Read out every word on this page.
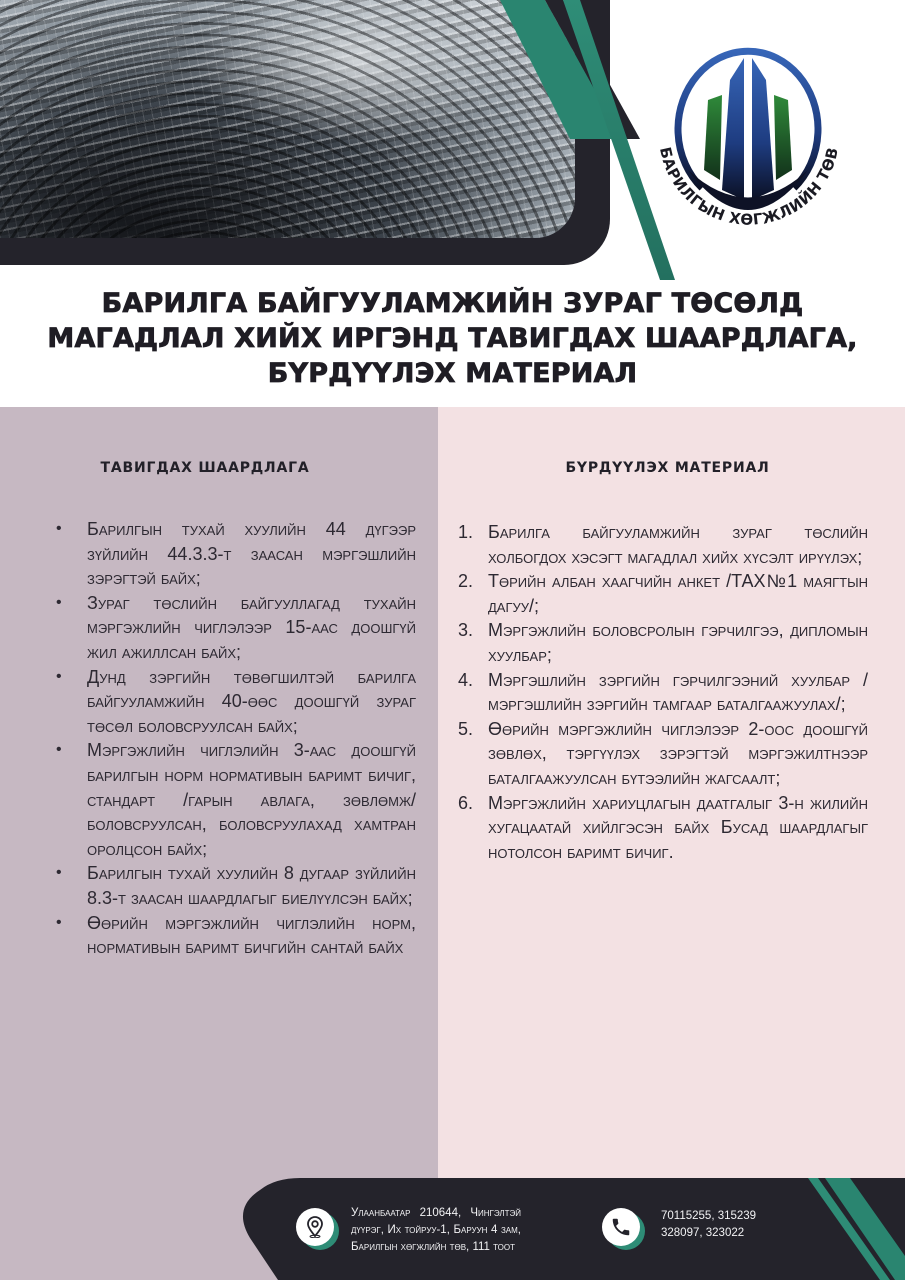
БАРИЛГЫН ХӨГЖЛИЙН ТӨВ
БАРИЛГА БАЙГУУЛАМЖИЙН ЗУРАГ ТӨСӨЛД
МАГАДЛАЛ ХИЙХ ИРГЭНД ТАВИГДАХ ШААРДЛАГА,
БҮРДҮҮЛЭХ МАТЕРИАЛ
ТАВИГДАХ ШААРДЛАГА
• Барилгын тухай хуулийн 44 дүгээр зүйлийн 44.3.3-т заасан мэргэшлийн зэрэгтэй байх;
• Зураг төслийн байгууллагад тухайн мэргэжлийн чиглэлээр 15-аас доошгүй жил ажиллсан байх;
• Дунд зэргийн төвөгшилтэй барилга байгууламжийн 40-өөс доошгүй зураг төсөл боловсруулсан байх;
• Мэргэжлийн чиглэлийн 3-аас доошгүй барилгын норм нормативын баримт бичиг, стандарт /гарын авлага, зөвлөмж/ боловсруулсан, боловсруулахад хамтран оролцсон байх;
• Барилгын тухай хуулийн 8 дугаар зүйлийн 8.3-т заасан шаардлагыг биелүүлсэн байх;
• Өөрийн мэргэжлийн чиглэлийн норм, нормативын баримт бичгийн сантай байх
БҮРДҮҮЛЭХ МАТЕРИАЛ
1. Барилга байгууламжийн зураг төслийн холбогдох хэсэгт магадлал хийх хүсэлт ирүүлэх;
2. Төрийн албан хаагчийн анкет /ТАХ№1 маягтын дагуу/;
3. Мэргэжлийн боловсролын гэрчилгээ, дипломын хуулбар;
4. Мэргэшлийн зэргийн гэрчилгээний хуулбар /мэргэшлийн зэргийн тамгаар баталгаажуулах/;
5. Өөрийн мэргэжлийн чиглэлээр 2-оос доошгүй зөвлөх, тэргүүлэх зэрэгтэй мэргэжилтнээр баталгаажуулсан бүтээлийн жагсаалт;
6. Мэргэжлийн хариуцлагын даатгалыг 3-н жилийн хугацаатай хийлгэсэн байх Бусад шаардлагыг нотолсон баримт бичиг.
Улаанбаатар 210644, Чингэлтэй дүүрэг, Их тойруу-1, Баруун 4 зам, Барилгын хөгжлийн төв, 111 тоот
70115255, 315239
328097, 323022
